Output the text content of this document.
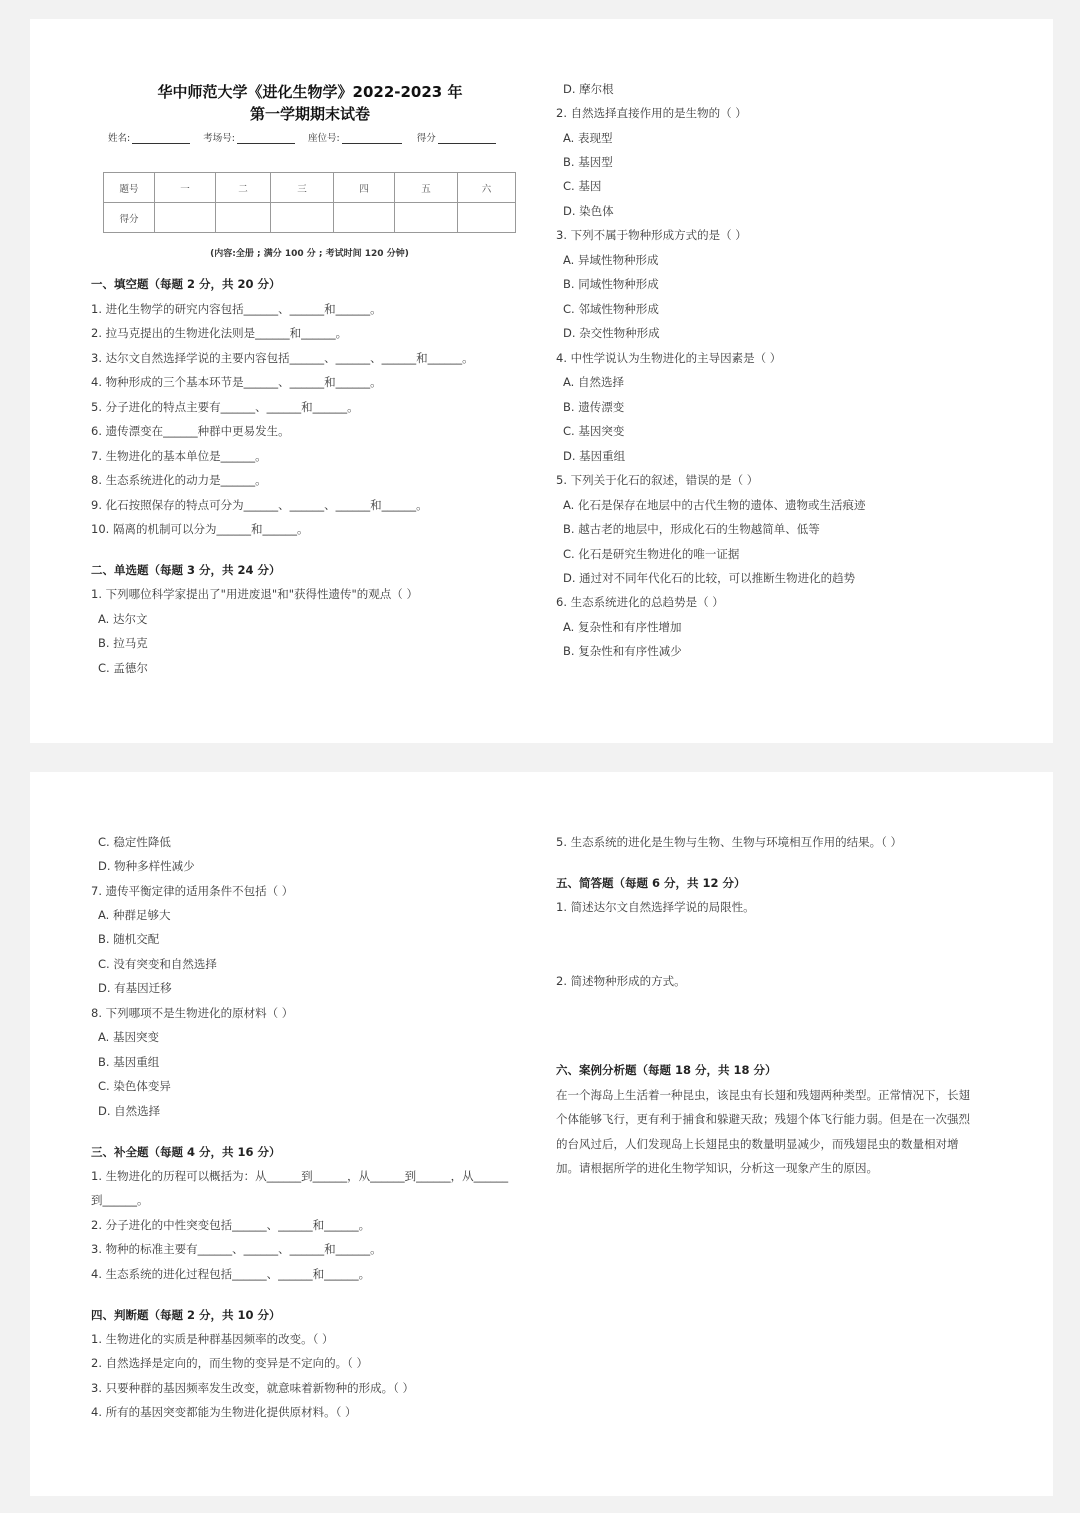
华中师范大学《进化生物学》2022-2023 年
第一学期期末试卷
姓名:	考场号:	座位号:	得分
题号	一	二	三	四	五	六
得分						
(内容:全册 ; 满分 100 分 ; 考试时间 120 分钟)
一、填空题（每题 2 分，共 20 分）
1. 进化生物学的研究内容包括______、______和______。
2. 拉马克提出的生物进化法则是______和______。
3. 达尔文自然选择学说的主要内容包括______、______、______和______。
4. 物种形成的三个基本环节是______、______和______。
5. 分子进化的特点主要有______、______和______。
6. 遗传漂变在______种群中更易发生。
7. 生物进化的基本单位是______。
8. 生态系统进化的动力是______。
9. 化石按照保存的特点可分为______、______、______和______。
10. 隔离的机制可以分为______和______。
二、单选题（每题 3 分，共 24 分）
1. 下列哪位科学家提出了"用进废退"和"获得性遗传"的观点（ ）
A. 达尔文
B. 拉马克
C. 孟德尔
D. 摩尔根
2. 自然选择直接作用的是生物的（ ）
A. 表现型
B. 基因型
C. 基因
D. 染色体
3. 下列不属于物种形成方式的是（ ）
A. 异域性物种形成
B. 同域性物种形成
C. 邻域性物种形成
D. 杂交性物种形成
4. 中性学说认为生物进化的主导因素是（ ）
A. 自然选择
B. 遗传漂变
C. 基因突变
D. 基因重组
5. 下列关于化石的叙述，错误的是（ ）
A. 化石是保存在地层中的古代生物的遗体、遗物或生活痕迹
B. 越古老的地层中，形成化石的生物越简单、低等
C. 化石是研究生物进化的唯一证据
D. 通过对不同年代化石的比较，可以推断生物进化的趋势
6. 生态系统进化的总趋势是（ ）
A. 复杂性和有序性增加
B. 复杂性和有序性减少
C. 稳定性降低
D. 物种多样性减少
7. 遗传平衡定律的适用条件不包括（ ）
A. 种群足够大
B. 随机交配
C. 没有突变和自然选择
D. 有基因迁移
8. 下列哪项不是生物进化的原材料（ ）
A. 基因突变
B. 基因重组
C. 染色体变异
D. 自然选择
三、补全题（每题 4 分，共 16 分）
1. 生物进化的历程可以概括为：从______到______，从______到______，从______
到______。
2. 分子进化的中性突变包括______、______和______。
3. 物种的标准主要有______、______、______和______。
4. 生态系统的进化过程包括______、______和______。
四、判断题（每题 2 分，共 10 分）
1. 生物进化的实质是种群基因频率的改变。（ ）
2. 自然选择是定向的，而生物的变异是不定向的。（ ）
3. 只要种群的基因频率发生改变，就意味着新物种的形成。（ ）
4. 所有的基因突变都能为生物进化提供原材料。（ ）
5. 生态系统的进化是生物与生物、生物与环境相互作用的结果。（ ）
五、简答题（每题 6 分，共 12 分）
1. 简述达尔文自然选择学说的局限性。
2. 简述物种形成的方式。
六、案例分析题（每题 18 分，共 18 分）
在一个海岛上生活着一种昆虫，该昆虫有长翅和残翅两种类型。正常情况下，长翅
个体能够飞行，更有利于捕食和躲避天敌；残翅个体飞行能力弱。但是在一次强烈
的台风过后，人们发现岛上长翅昆虫的数量明显减少，而残翅昆虫的数量相对增
加。请根据所学的进化生物学知识，分析这一现象产生的原因。
